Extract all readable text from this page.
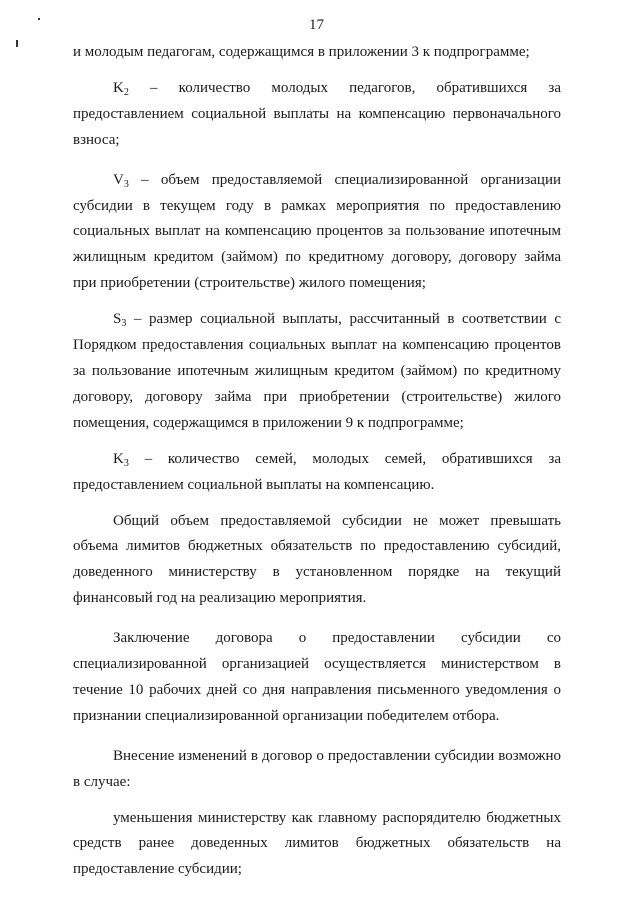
17

и молодым педагогам, содержащимся в приложении 3 к подпрограмме;

$K_2$ – количество молодых педагогов, обратившихся за предоставлением социальной выплаты на компенсацию первоначального взноса;

$V_3$ – объем предоставляемой специализированной организации субсидии в текущем году в рамках мероприятия по предоставлению социальных выплат на компенсацию процентов за пользование ипотечным жилищным кредитом (займом) по кредитному договору, договору займа при приобретении (строительстве) жилого помещения;

$S_3$ – размер социальной выплаты, рассчитанный в соответствии с Порядком предоставления социальных выплат на компенсацию процентов за пользование ипотечным жилищным кредитом (займом) по кредитному договору, договору займа при приобретении (строительстве) жилого помещения, содержащимся в приложении 9 к подпрограмме;

$K_3$ – количество семей, молодых семей, обратившихся за предоставлением социальной выплаты на компенсацию.

Общий объем предоставляемой субсидии не может превышать объема лимитов бюджетных обязательств по предоставлению субсидий, доведенного министерству в установленном порядке на текущий финансовый год на реализацию мероприятия.

Заключение договора о предоставлении субсидии со специализированной организацией осуществляется министерством в течение 10 рабочих дней со дня направления письменного уведомления о признании специализированной организации победителем отбора.

Внесение изменений в договор о предоставлении субсидии возможно в случае:

уменьшения министерству как главному распорядителю бюджетных средств ранее доведенных лимитов бюджетных обязательств на предоставление субсидии;
